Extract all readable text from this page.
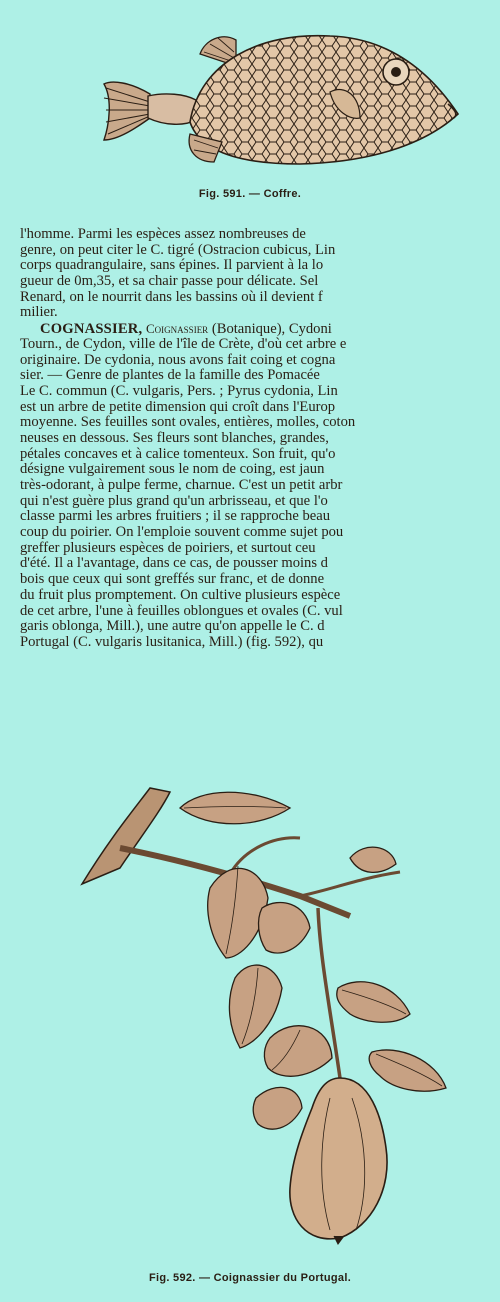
Fig. 591. — Coffre.
l'homme. Parmi les espèces assez nombreuses de
genre, on peut citer le C. tigré (Ostracion cubicus, Lin
corps quadrangulaire, sans épines. Il parvient à la lo
gueur de 0m,35, et sa chair passe pour délicate. Sel
Renard, on le nourrit dans les bassins où il devient f
milier.
COGNASSIER, Coignassier (Botanique), Cydoni
Tourn., de Cydon, ville de l'île de Crète, d'où cet arbre e
originaire. De cydonia, nous avons fait coing et cogna
sier. — Genre de plantes de la famille des Pomacée
Le C. commun (C. vulgaris, Pers. ; Pyrus cydonia, Lin
est un arbre de petite dimension qui croît dans l'Europ
moyenne. Ses feuilles sont ovales, entières, molles, coton
neuses en dessous. Ses fleurs sont blanches, grandes,
pétales concaves et à calice tomenteux. Son fruit, qu'o
désigne vulgairement sous le nom de coing, est jaun
très-odorant, à pulpe ferme, charnue. C'est un petit arbr
qui n'est guère plus grand qu'un arbrisseau, et que l'o
classe parmi les arbres fruitiers ; il se rapproche beau
coup du poirier. On l'emploie souvent comme sujet pou
greffer plusieurs espèces de poiriers, et surtout ceu
d'été. Il a l'avantage, dans ce cas, de pousser moins d
bois que ceux qui sont greffés sur franc, et de donne
du fruit plus promptement. On cultive plusieurs espèce
de cet arbre, l'une à feuilles oblongues et ovales (C. vul
garis oblonga, Mill.), une autre qu'on appelle le C. d
Portugal (C. vulgaris lusitanica, Mill.) (fig. 592), qu
Fig. 592. — Coignassier du Portugal.
